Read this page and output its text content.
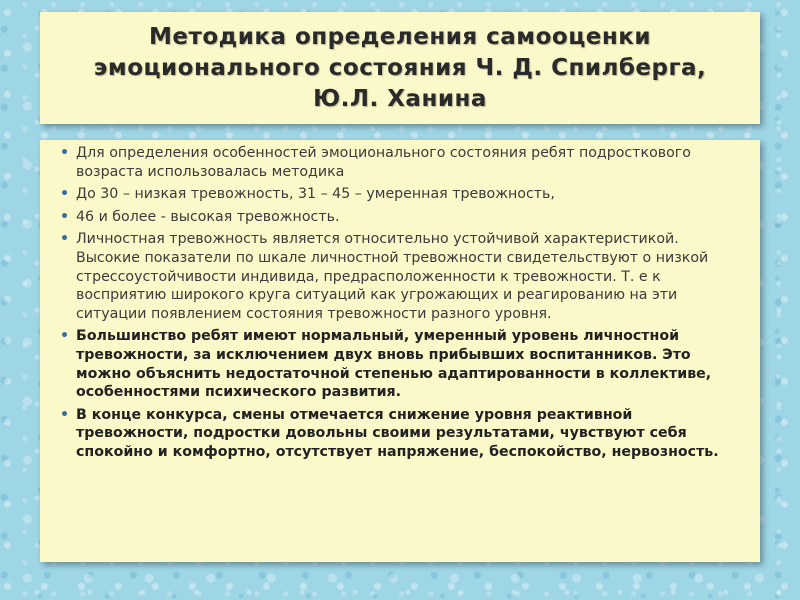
Методика определения самооценки эмоционального состояния Ч. Д. Спилберга, Ю.Л. Ханина
• Для определения особенностей эмоционального состояния ребят подросткового возраста использовалась методика
• До 30 – низкая тревожность, 31 – 45 – умеренная тревожность,
• 46 и более - высокая тревожность.
• Личностная тревожность является относительно устойчивой характеристикой. Высокие показатели по шкале личностной тревожности свидетельствуют о низкой стрессоустойчивости индивида, предрасположенности к тревожности. Т. е к восприятию широкого круга ситуаций как угрожающих и реагированию на эти ситуации появлением состояния тревожности разного уровня.
• Большинство ребят имеют нормальный, умеренный уровень личностной тревожности, за исключением двух вновь прибывших воспитанников. Это можно объяснить недостаточной степенью адаптированности в коллективе, особенностями психического развития.
• В конце конкурса, смены отмечается снижение уровня реактивной тревожности, подростки довольны своими результатами, чувствуют себя спокойно и комфортно, отсутствует напряжение, беспокойство, нервозность.
